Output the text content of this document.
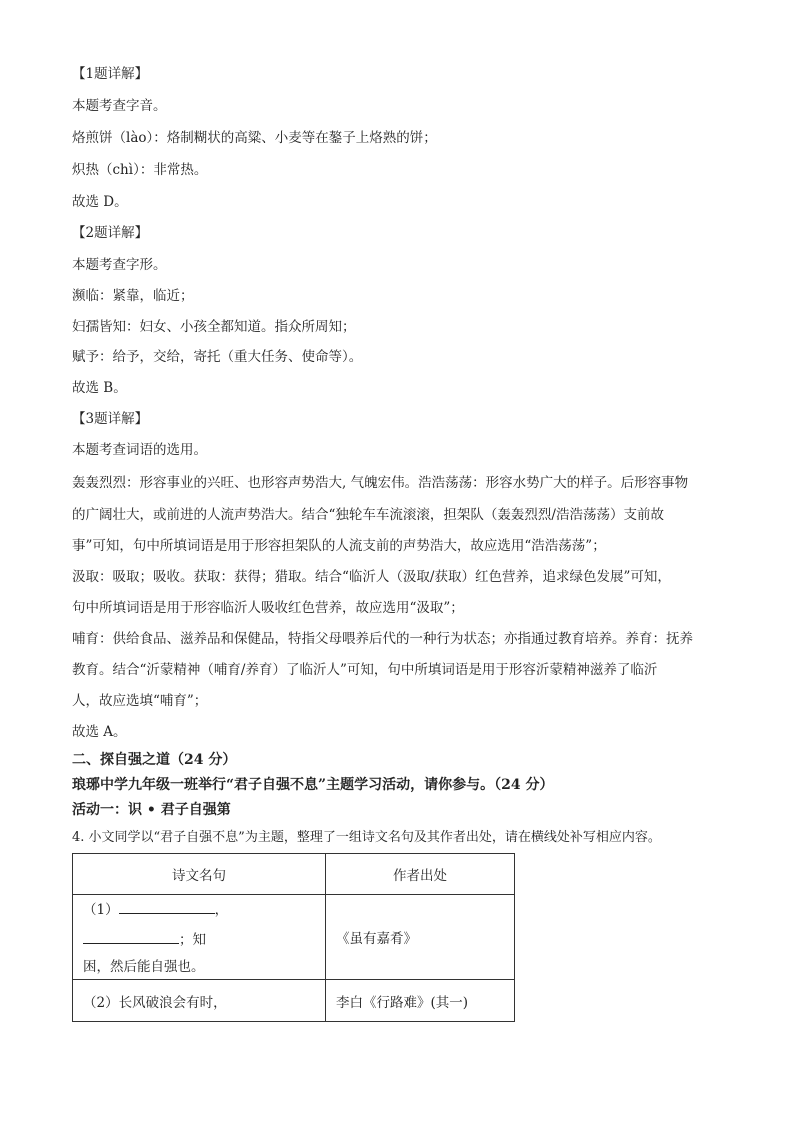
【1题详解】
本题考查字音。
烙煎饼（lào）：烙制糊状的高粱、小麦等在鏊子上烙熟的饼；
炽热（chì）：非常热。
故选 D。
【2题详解】
本题考查字形。
濒临：紧靠，临近；
妇孺皆知：妇女、小孩全都知道。指众所周知；
赋予：给予，交给，寄托（重大任务、使命等）。
故选 B。
【3题详解】
本题考查词语的选用。
轰轰烈烈：形容事业的兴旺、也形容声势浩大, 气魄宏伟。浩浩荡荡：形容水势广大的样子。后形容事物
的广阔壮大，或前进的人流声势浩大。结合“独轮车车流滚滚，担架队（轰轰烈烈/浩浩荡荡）支前故
事”可知，句中所填词语是用于形容担架队的人流支前的声势浩大，故应选用“浩浩荡荡”；
汲取：吸取；吸收。获取：获得；猎取。结合“临沂人（汲取/获取）红色营养，追求绿色发展”可知，
句中所填词语是用于形容临沂人吸收红色营养，故应选用“汲取”；
哺育：供给食品、滋养品和保健品，特指父母喂养后代的一种行为状态；亦指通过教育培养。养育：抚养
教育。结合“沂蒙精神（哺育/养育）了临沂人”可知，句中所填词语是用于形容沂蒙精神滋养了临沂
人，故应选填“哺育”；
故选 A。
二、探自强之道（24 分）
琅琊中学九年级一班举行“君子自强不息”主题学习活动，请你参与。（24 分）
活动一：识 • 君子自强第
4. 小文同学以“君子自强不息”为主题，整理了一组诗文名句及其作者出处，请在横线处补写相应内容。
诗文名句	作者出处

（1） ，；知
困，然后能自强也。	《虽有嘉肴》
（2）长风破浪会有时，	李白《行路难》(其一)
